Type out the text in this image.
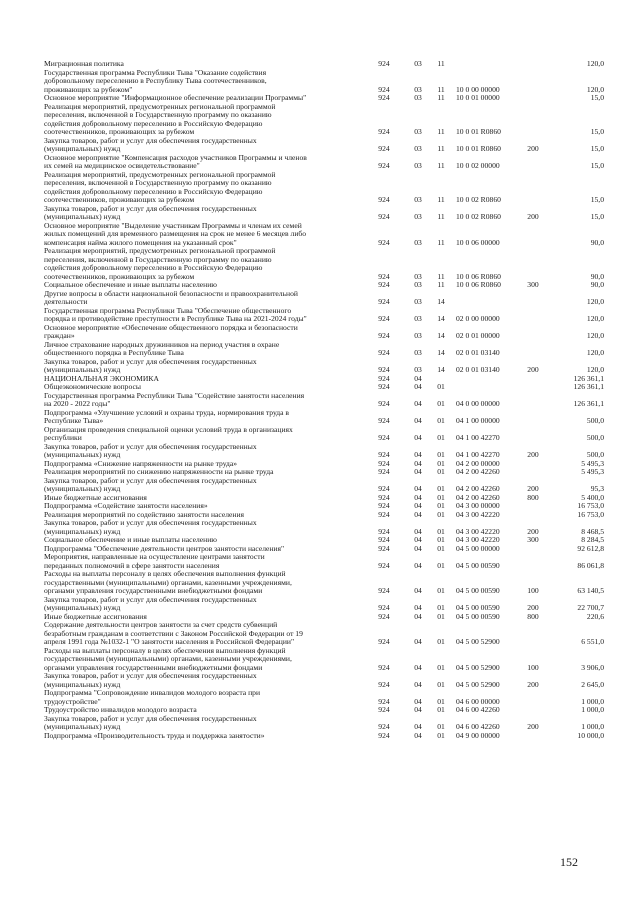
Миграционная политика	924	03	11	120,0
Государственная программа Республики Тыва "Оказание содействия
добровольному переселению в Республику Тыва соотечественников,
проживающих за рубежом"	924	03	11	10 0 00 00000	120,0
Основное мероприятие "Информационное обеспечение реализации Программы"	924	03	11	10 0 01 00000	15,0
Реализация мероприятий, предусмотренных региональной программой
переселения, включенной в Государственную программу по оказанию
содействия добровольному переселению в Российскую Федерацию
соотечественников, проживающих за рубежом	924	03	11	10 0 01 R0860	15,0
Закупка товаров, работ и услуг для обеспечения государственных
(муниципальных) нужд	924	03	11	10 0 01 R0860	200	15,0
Основное мероприятие "Компенсация расходов участников Программы и членов
их семей на медицинское освидетельствование"	924	03	11	10 0 02 00000	15,0
Реализация мероприятий, предусмотренных региональной программой
переселения, включенной в Государственную программу по оказанию
содействия добровольному переселению в Российскую Федерацию
соотечественников, проживающих за рубежом	924	03	11	10 0 02 R0860	15,0
Закупка товаров, работ и услуг для обеспечения государственных
(муниципальных) нужд	924	03	11	10 0 02 R0860	200	15,0
Основное мероприятие "Выделение участникам Программы и членам их семей
жилых помещений для временного размещения на срок не менее 6 месяцев либо
компенсация найма жилого помещения на указанный срок"	924	03	11	10 0 06 00000	90,0
Реализация мероприятий, предусмотренных региональной программой
переселения, включенной в Государственную программу по оказанию
содействия добровольному переселению в Российскую Федерацию
соотечественников, проживающих за рубежом	924	03	11	10 0 06 R0860	90,0
Социальное обеспечение и иные выплаты населению	924	03	11	10 0 06 R0860	300	90,0
Другие вопросы в области национальной безопасности и правоохранительной
деятельности	924	03	14	120,0
Государственная программа Республики Тыва "Обеспечение общественного
порядка и противодействие преступности в Республике Тыва на 2021-2024 годы"	924	03	14	02 0 00 00000	120,0
Основное мероприятие «Обеспечение общественного порядка и безопасности
граждан»	924	03	14	02 0 01 00000	120,0
Личное страхование народных дружинников на период участия в охране
общественного порядка в Республике Тыва	924	03	14	02 0 01 03140	120,0
Закупка товаров, работ и услуг для обеспечения государственных
(муниципальных) нужд	924	03	14	02 0 01 03140	200	120,0
НАЦИОНАЛЬНАЯ ЭКОНОМИКА	924	04	126 361,1
Общеэкономические вопросы	924	04	01	126 361,1
Государственная программа Республики Тыва "Содействие занятости населения
на 2020 - 2022 годы"	924	04	01	04 0 00 00000	126 361,1
Подпрограмма «Улучшение условий и охраны труда, нормирования труда в
Республике Тыва»	924	04	01	04 1 00 00000	500,0
Организация проведения специальной оценки условий труда в организациях
республики	924	04	01	04 1 00 42270	500,0
Закупка товаров, работ и услуг для обеспечения государственных
(муниципальных) нужд	924	04	01	04 1 00 42270	200	500,0
Подпрограмма «Снижение напряженности на рынке труда»	924	04	01	04 2 00 00000	5 495,3
Реализация мероприятий по снижению напряженности на рынке труда	924	04	01	04 2 00 42260	5 495,3
Закупка товаров, работ и услуг для обеспечения государственных
(муниципальных) нужд	924	04	01	04 2 00 42260	200	95,3
Иные бюджетные ассигнования	924	04	01	04 2 00 42260	800	5 400,0
Подпрограмма «Содействие занятости населения»	924	04	01	04 3 00 00000	16 753,0
Реализация мероприятий по содействию занятости населения	924	04	01	04 3 00 42220	16 753,0
Закупка товаров, работ и услуг для обеспечения государственных
(муниципальных) нужд	924	04	01	04 3 00 42220	200	8 468,5
Социальное обеспечение и иные выплаты населению	924	04	01	04 3 00 42220	300	8 284,5
Подпрограмма "Обеспечение деятельности центров занятости населения"	924	04	01	04 5 00 00000	92 612,8
Мероприятия, направленные на осуществление центрами занятости
переданных полномочий в сфере занятости населения	924	04	01	04 5 00 00590	86 061,8
Расходы на выплаты персоналу в целях обеспечения выполнения функций
государственными (муниципальными) органами, казенными учреждениями,
органами управления государственными внебюджетными фондами	924	04	01	04 5 00 00590	100	63 140,5
Закупка товаров, работ и услуг для обеспечения государственных
(муниципальных) нужд	924	04	01	04 5 00 00590	200	22 700,7
Иные бюджетные ассигнования	924	04	01	04 5 00 00590	800	220,6
Содержание деятельности центров занятости за счет средств субвенций
безработным гражданам в соответствии с Законом Российской Федерации от 19
апреля 1991 года №1032-1 "О занятости населения в Российской Федерации"	924	04	01	04 5 00 52900	6 551,0
Расходы на выплаты персоналу в целях обеспечения выполнения функций
государственными (муниципальными) органами, казенными учреждениями,
органами управления государственными внебюджетными фондами	924	04	01	04 5 00 52900	100	3 906,0
Закупка товаров, работ и услуг для обеспечения государственных
(муниципальных) нужд	924	04	01	04 5 00 52900	200	2 645,0
Подпрограмма "Сопровождение инвалидов молодого возраста при
трудоустройстве"	924	04	01	04 6 00 00000	1 000,0
Трудоустройство инвалидов молодого возраста	924	04	01	04 6 00 42260	1 000,0
Закупка товаров, работ и услуг для обеспечения государственных
(муниципальных) нужд	924	04	01	04 6 00 42260	200	1 000,0
Подпрограмма «Производительность труда и поддержка занятости»	924	04	01	04 9 00 00000	10 000,0
152
